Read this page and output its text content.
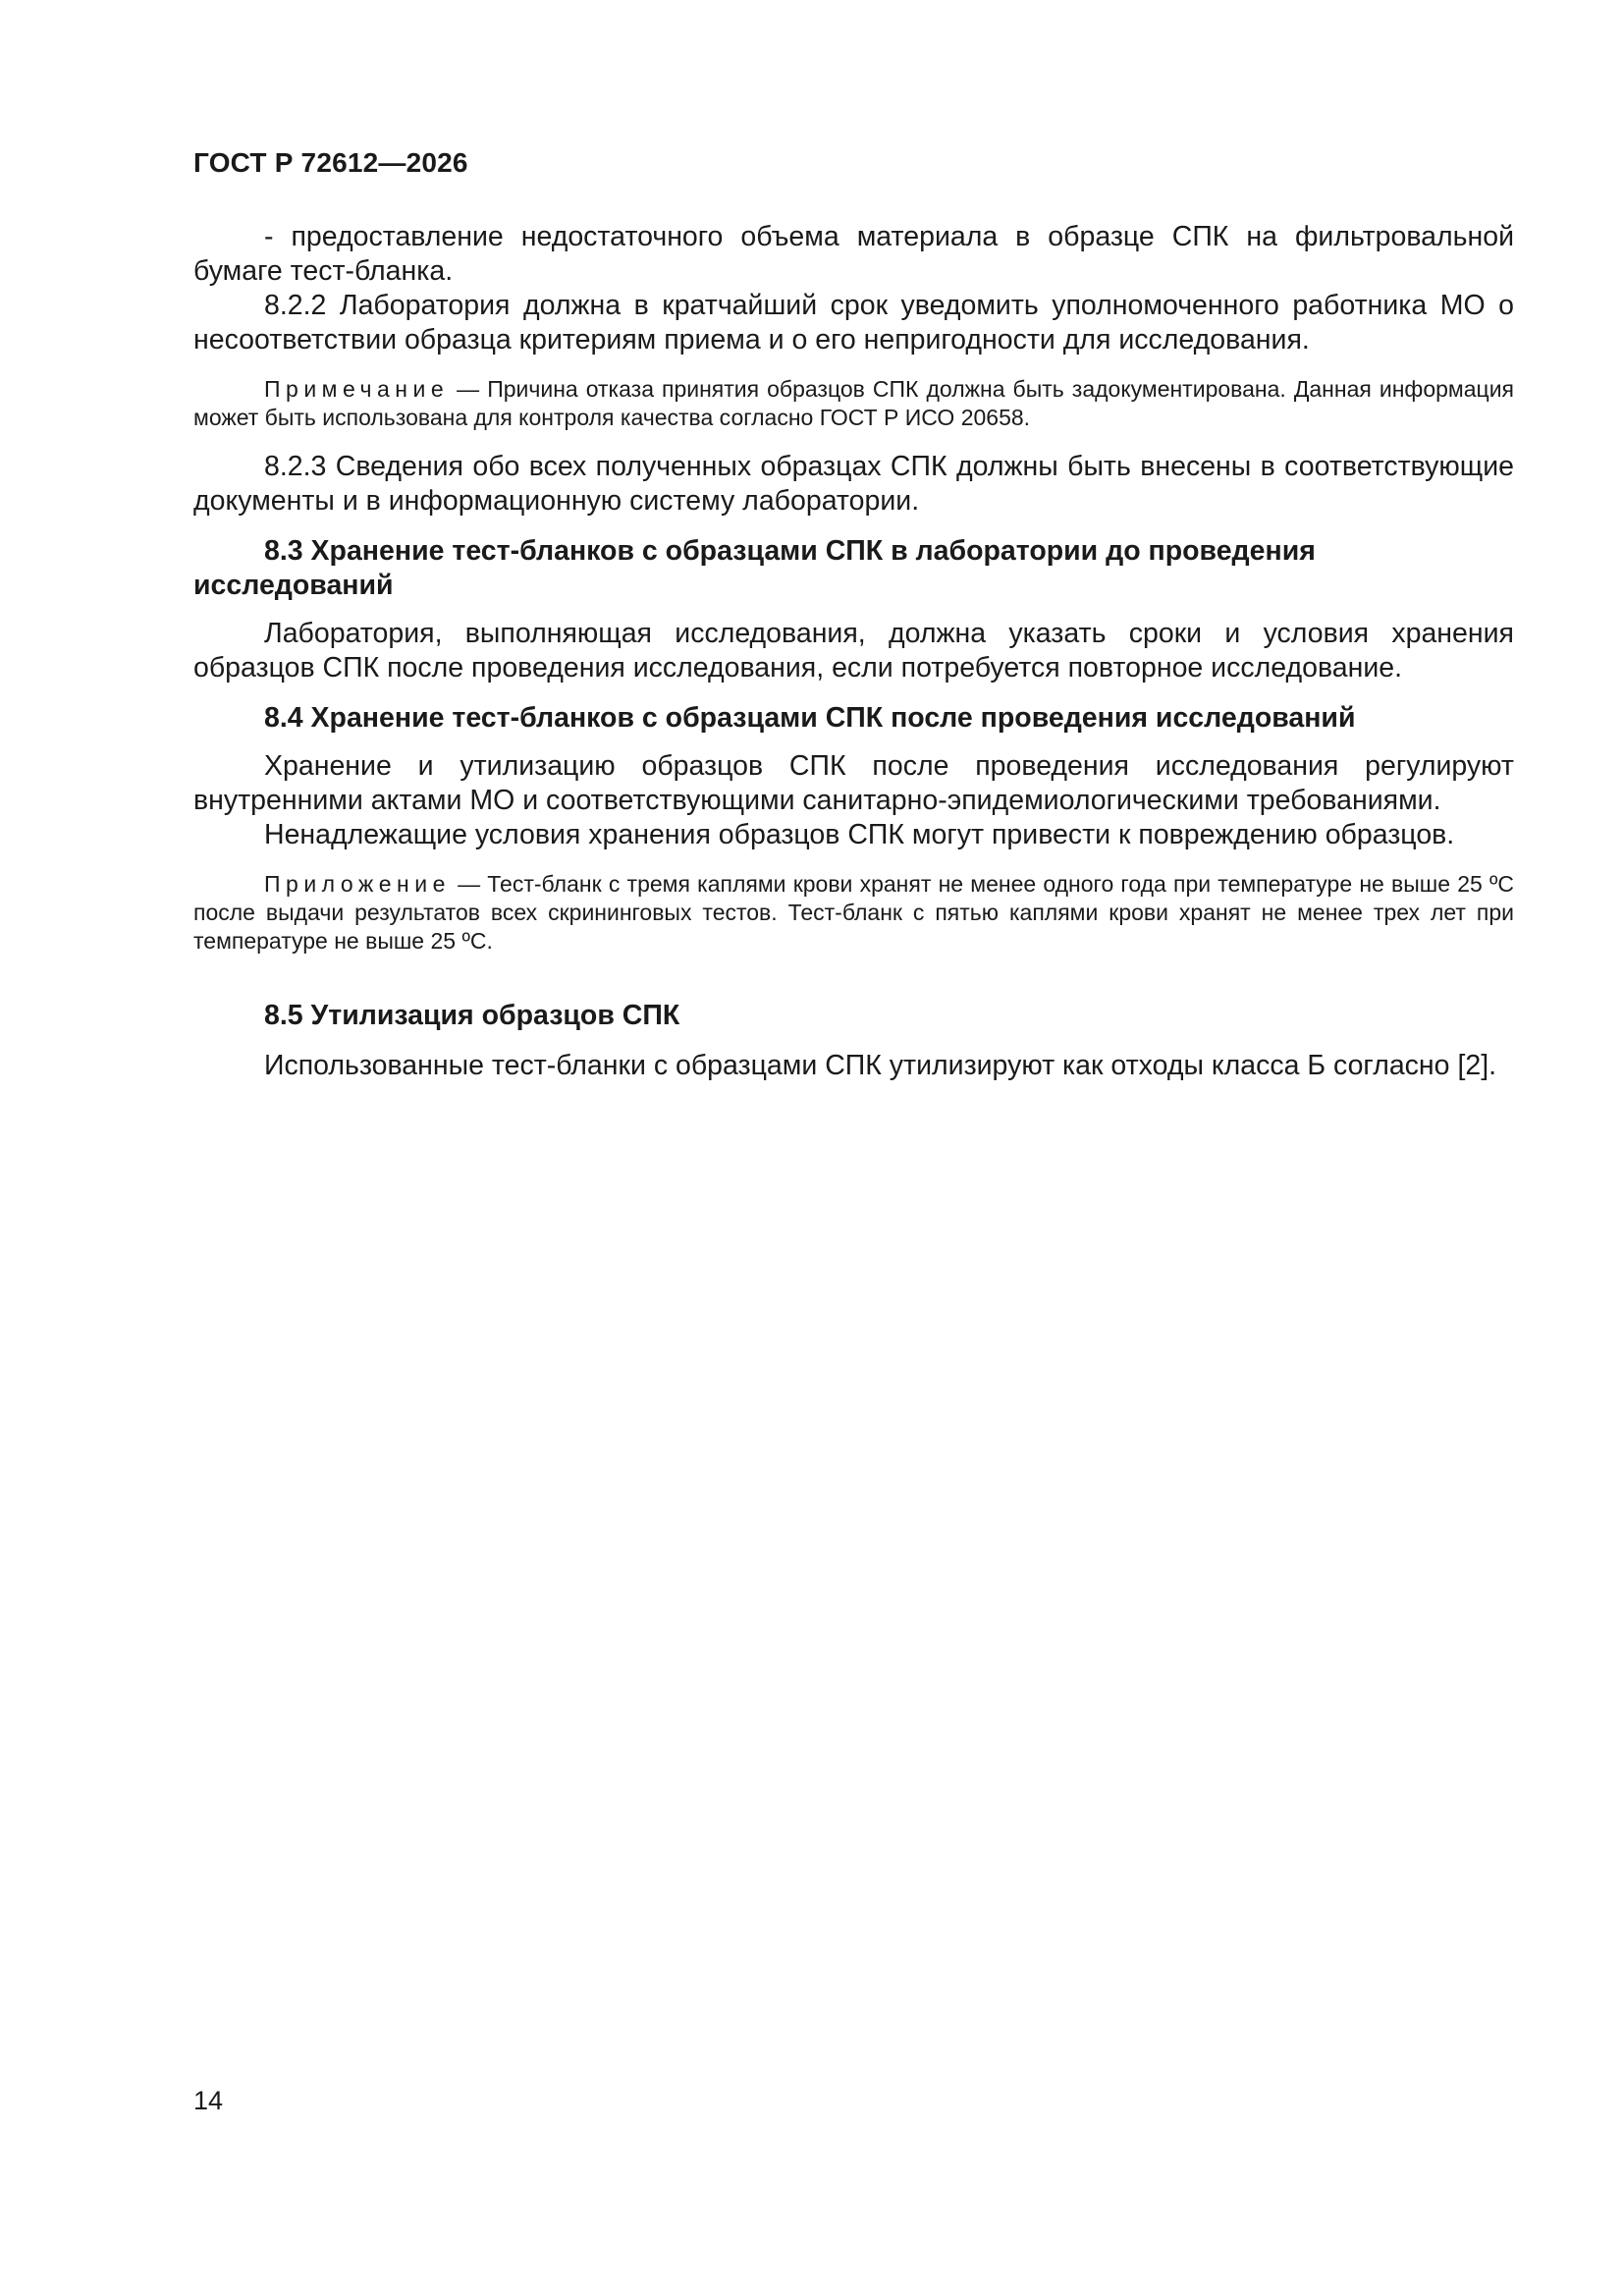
ГОСТ Р 72612—2026

- предоставление недостаточного объема материала в образце СПК на фильтровальной бумаге тест-бланка.

8.2.2 Лаборатория должна в кратчайший срок уведомить уполномоченного работника МО о несоответствии образца критериям приема и о его непригодности для исследования.

Примечание — Причина отказа принятия образцов СПК должна быть задокументирована. Данная информация может быть использована для контроля качества согласно ГОСТ Р ИСО 20658.

8.2.3 Сведения обо всех полученных образцах СПК должны быть внесены в соответствующие документы и в информационную систему лаборатории.

8.3 Хранение тест-бланков с образцами СПК в лаборатории до проведения исследований

Лаборатория, выполняющая исследования, должна указать сроки и условия хранения образцов СПК после проведения исследования, если потребуется повторное исследование.

8.4 Хранение тест-бланков с образцами СПК после проведения исследований

Хранение и утилизацию образцов СПК после проведения исследования регулируют внутренними актами МО и соответствующими санитарно-эпидемиологическими требованиями.

Ненадлежащие условия хранения образцов СПК могут привести к повреждению образцов.

Приложение — Тест-бланк с тремя каплями крови хранят не менее одного года при температуре не выше 25 ºС после выдачи результатов всех скрининговых тестов. Тест-бланк с пятью каплями крови хранят не менее трех лет при температуре не выше 25 ºС.

8.5 Утилизация образцов СПК

Использованные тест-бланки с образцами СПК утилизируют как отходы класса Б согласно [2].

14
